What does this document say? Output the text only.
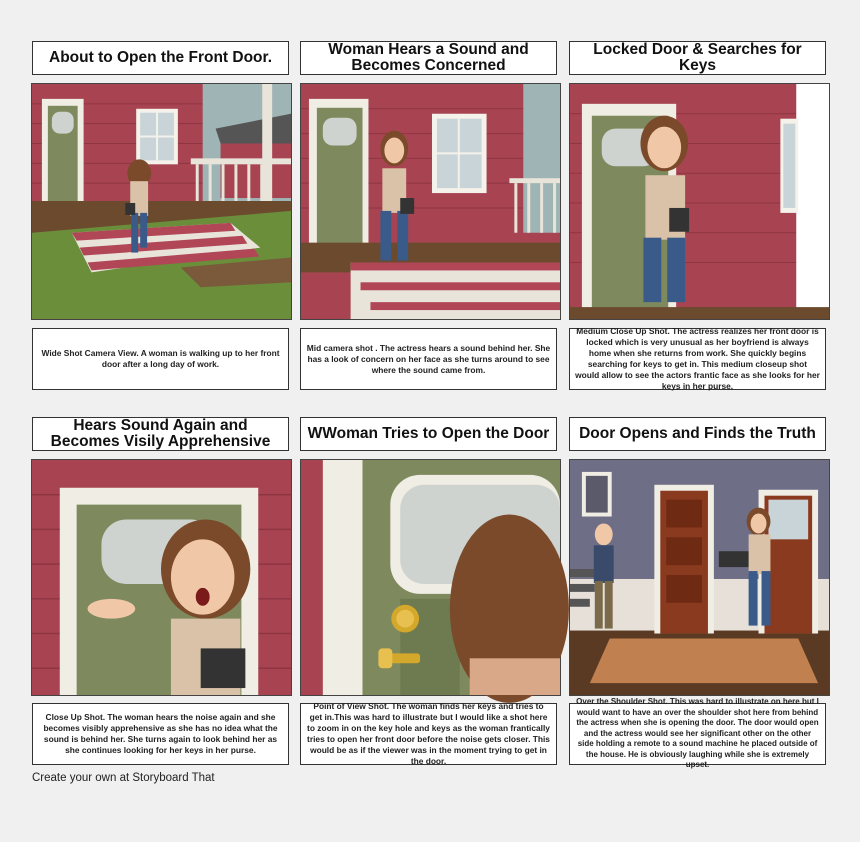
About to Open the Front Door.	Woman Hears a Sound and Becomes Concerned
Locked Door & Searches for Keys
Wide Shot Camera View. A woman is walking up to her front door after a long day of work.
Mid camera shot . The actress hears a sound behind her. She has a look of concern on her face as she turns around to see where the sound came from.
Medium Close Up Shot. The actress realizes her front door is locked which is very unusual as her boyfriend is always home when she returns from work. She quickly begins searching for keys to get in. This medium closeup shot would allow to see the actors frantic face as she looks for her keys in her purse.
Hears Sound Again and Becomes Visily Apprehensive	WWoman Tries to Open the Door	Door Opens and Finds the Truth
Close Up Shot. The woman hears the noise again and she becomes visibly apprehensive as she has no idea what the sound is behind her. She turns again to look behind her as she continues looking for her keys in her purse.
Point of View Shot. The woman finds her keys and tries to get in.This was hard to illustrate but I would like a shot here to zoom in on the key hole and keys as the woman frantically tries to open her front door before the noise gets closer. This would be as if the viewer was in the moment trying to get in the door.
Over the Shoulder Shot. This was hard to illustrate on here but I would want to have an over the shoulder shot here from behind the actress when she is opening the door. The door would open and the actress would see her significant other on the other side holding a remote to a sound machine he placed outside of the house. He is obviously laughing while she is extremely upset.
Create your own at Storyboard That
